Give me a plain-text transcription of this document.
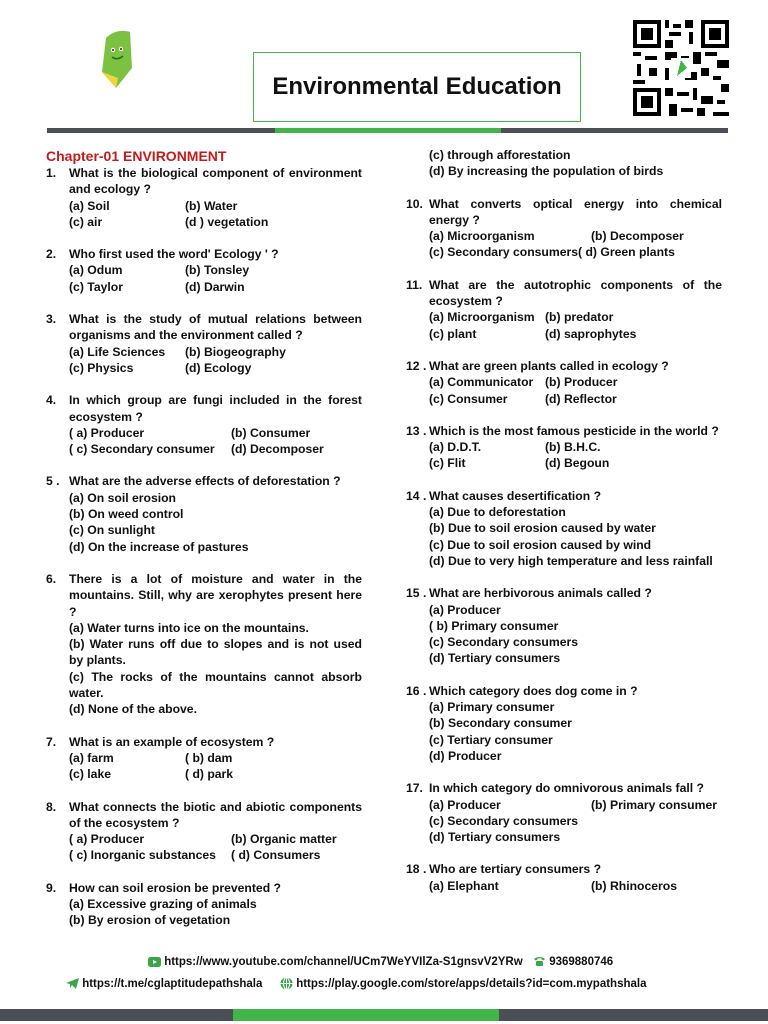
Environmental Education
Chapter-01 ENVIRONMENT
1.	What is the biological component of environment and ecology ?
(a) Soil	(b) Water
(c) air	(d ) vegetation
2.	Who first used the word' Ecology ' ?
(a) Odum	(b) Tonsley
(c) Taylor	(d) Darwin
3.	What is the study of mutual relations between organisms and the environment called ?
(a) Life Sciences	(b) Biogeography
(c) Physics	(d) Ecology
4.	In which group are fungi included in the forest ecosystem ?
( a) Producer	(b) Consumer
( c) Secondary consumer	(d) Decomposer
5 . What are the adverse effects of deforestation ?
(a) On soil erosion
(b) On weed control
(c) On sunlight
(d) On the increase of pastures
6.	There is a lot of moisture and water in the mountains. Still, why are xerophytes present here ?
(a) Water turns into ice on the mountains.
(b) Water runs off due to slopes and is not used by plants.
(c) The rocks of the mountains cannot absorb water.
(d) None of the above.
7.	What is an example of ecosystem ?
(a) farm	( b) dam
(c) lake	( d) park
8.	What connects the biotic and abiotic components of the ecosystem ?
( a) Producer	(b) Organic matter
( c) Inorganic substances	( d) Consumers
9.	How can soil erosion be prevented ?
(a) Excessive grazing of animals
(b) By erosion of vegetation
(c) through afforestation
(d) By increasing the population of birds
10. What converts optical energy into chemical energy ?
(a) Microorganism	(b) Decomposer
(c) Secondary consumers( d) Green plants
11. What are the autotrophic components of the ecosystem ?
(a) Microorganism (b) predator
(c) plant	(d) saprophytes
12 . What are green plants called in ecology ?
(a) Communicator (b) Producer
(c) Consumer	(d) Reflector
13 . Which is the most famous pesticide in the world ?
(a) D.D.T.	(b) B.H.C.
(c) Flit	(d) Begoun
14 . What causes desertification ?
(a) Due to deforestation
(b) Due to soil erosion caused by water
(c) Due to soil erosion caused by wind
(d) Due to very high temperature and less rainfall
15 . What are herbivorous animals called ?
(a) Producer
( b) Primary consumer
(c) Secondary consumers
(d) Tertiary consumers
16 . Which category does dog come in ?
(a) Primary consumer
(b) Secondary consumer
(c) Tertiary consumer
(d) Producer
17. In which category do omnivorous animals fall ?
(a) Producer	(b) Primary consumer
(c) Secondary consumers
(d) Tertiary consumers
18 . Who are tertiary consumers ?
(a) Elephant	(b) Rhinoceros
https://www.youtube.com/channel/UCm7WeYVIlZa-S1gnsvV2YRw	9369880746
https://t.me/cglaptitudepathshala	https://play.google.com/store/apps/details?id=com.mypathshala
